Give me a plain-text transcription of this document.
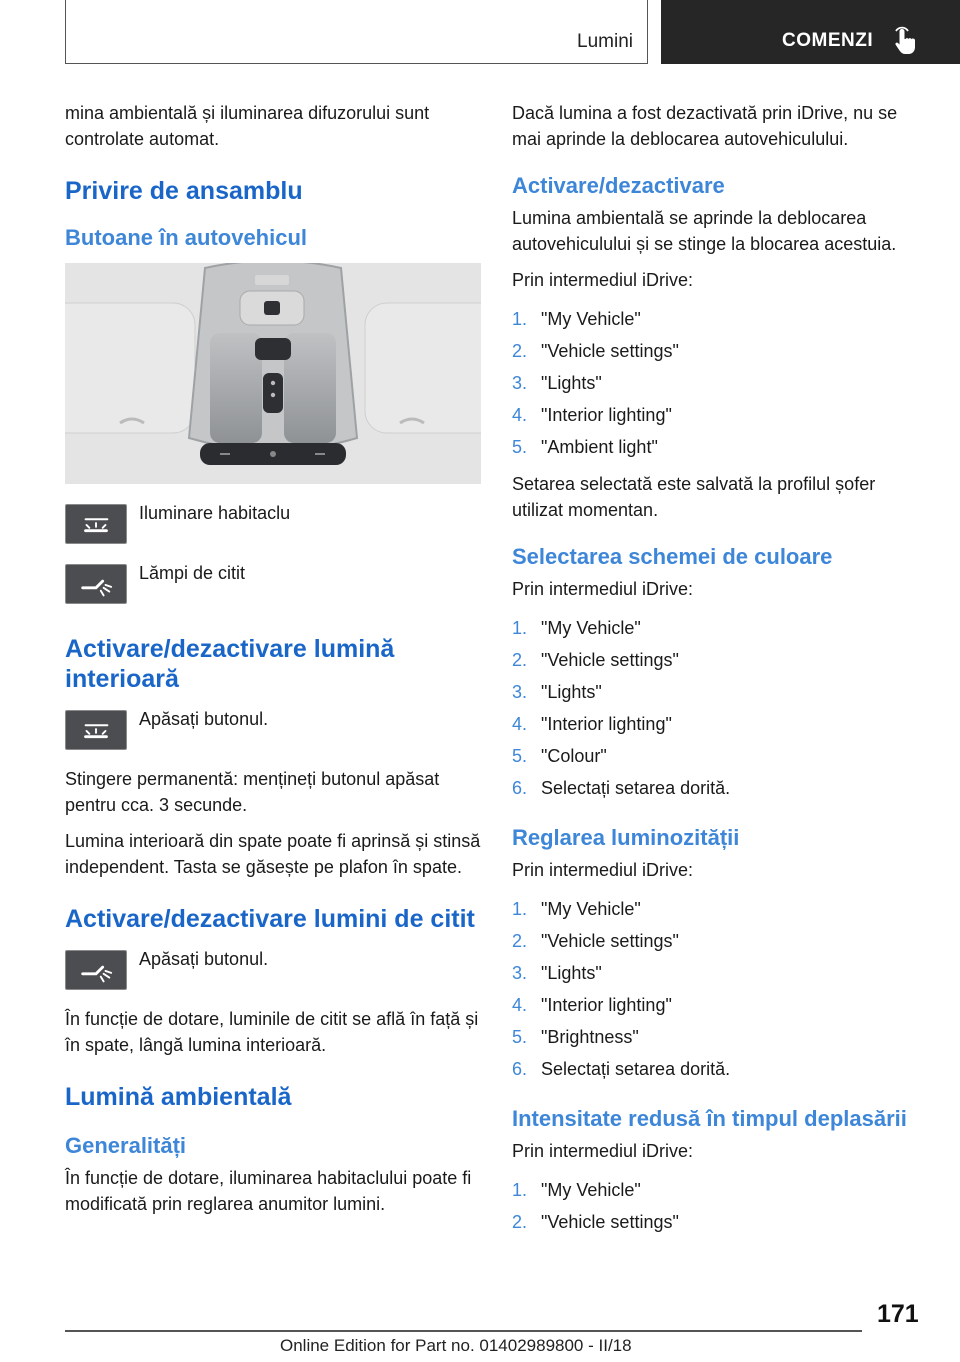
Lumini	COMENZI

mina ambientală și iluminarea difuzorului sunt controlate automat.

Privire de ansamblu
Butoane în autovehicul
Iluminare habitaclu
Lămpi de citit
Activare/dezactivare lumină interioară
Apăsați butonul.

Stingere permanentă: mențineți butonul apăsat pentru cca. 3 secunde.

Lumina interioară din spate poate fi aprinsă și stinsă independent. Tasta se găsește pe plafon în spate.

Activare/dezactivare lumini de citit
Apăsați butonul.

În funcție de dotare, luminile de citit se află în față și în spate, lângă lumina interioară.

Lumină ambientală
Generalități

În funcție de dotare, iluminarea habitaclului poate fi modificată prin reglarea anumitor lumini.

Dacă lumina a fost dezactivată prin iDrive, nu se mai aprinde la deblocarea autovehiculului.

Activare/dezactivare

Lumina ambientală se aprinde la deblocarea autovehiculului și se stinge la blocarea acestuia.

Prin intermediul iDrive:

1. "My Vehicle"
2. "Vehicle settings"
3. "Lights"
4. "Interior lighting"
5. "Ambient light"

Setarea selectată este salvată la profilul șofer utilizat momentan.

Selectarea schemei de culoare

Prin intermediul iDrive:

1. "My Vehicle"
2. "Vehicle settings"
3. "Lights"
4. "Interior lighting"
5. "Colour"
6. Selectați setarea dorită.
Reglarea luminozității

Prin intermediul iDrive:

1. "My Vehicle"
2. "Vehicle settings"
3. "Lights"
4. "Interior lighting"
5. "Brightness"
6. Selectați setarea dorită.
Intensitate redusă în timpul deplasării

Prin intermediul iDrive:

1. "My Vehicle"
2. "Vehicle settings"
171
Online Edition for Part no. 01402989800 - II/18
